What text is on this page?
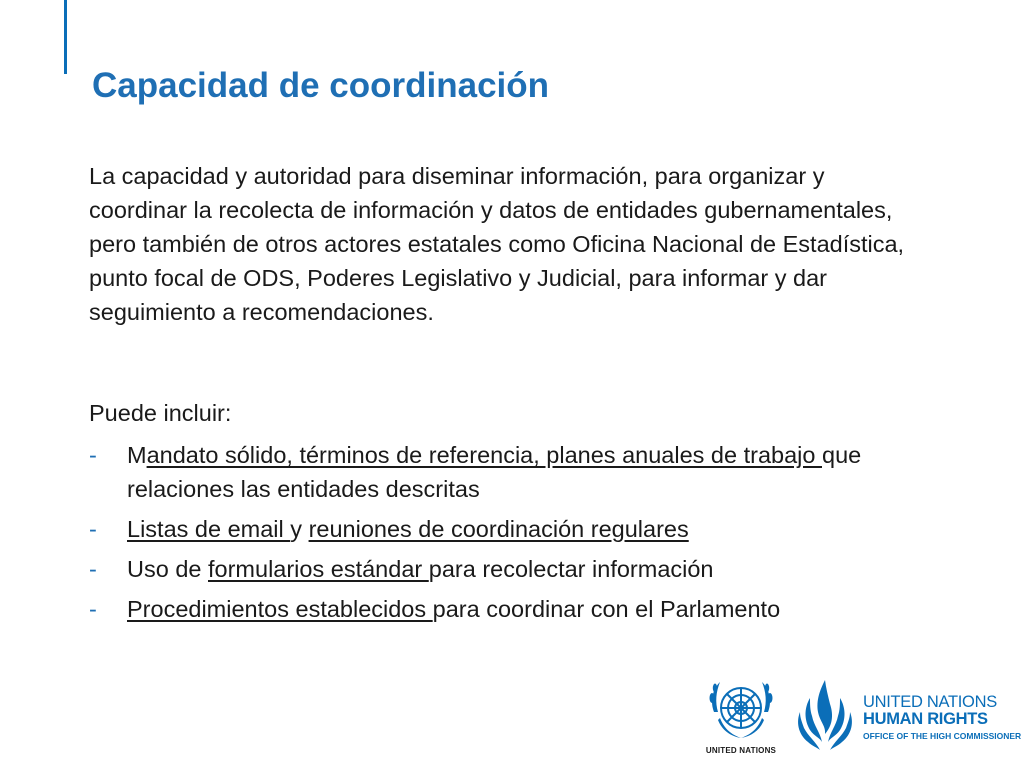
Capacidad de coordinación

La capacidad y autoridad para diseminar información, para organizar y coordinar la recolecta de información y datos de entidades gubernamentales, pero también de otros actores estatales como Oficina Nacional de Estadística, punto focal de ODS, Poderes Legislativo y Judicial, para informar y dar seguimiento a recomendaciones.

Puede incluir:

- Mandato sólido, términos de referencia, planes anuales de trabajo que relaciones las entidades descritas
- Listas de email y reuniones de coordinación regulares
- Uso de formularios estándar para recolectar información
- Procedimientos establecidos para coordinar con el Parlamento
UNITED NATIONS
UNITED NATIONS
HUMAN RIGHTS
OFFICE OF THE HIGH COMMISSIONER
